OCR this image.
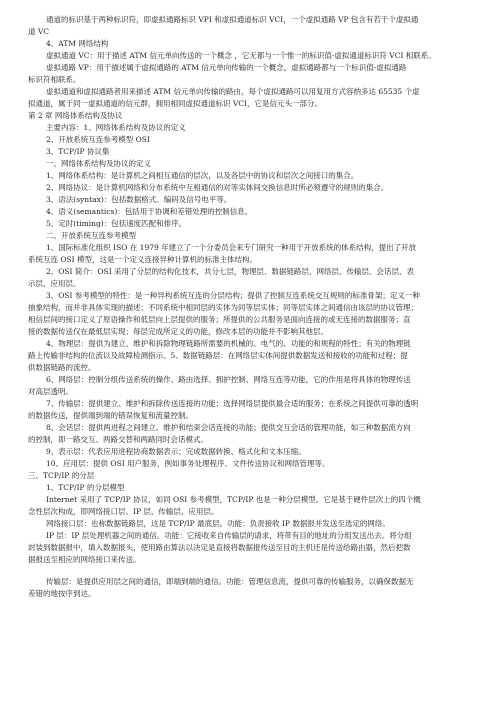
通道的标识基于两种标识符，即虚拟通路标识 VPI 和虚拟通道标识 VCI，一个虚拟通路 VP 包含有若干个虚拟通

道 VC

4、ATM 网络结构

虚拟通道 VC：用于描述 ATM 信元单向传送的一个概念 ，它无都与一个惟一的标识值-虚拟通道标识符 VCI 相联系。

虚拟通路 VP：用于描述属于虚拟通路的 ATM 信元单向传输的一个概念，虚拟通路都与一个标识值-虚拟通路

标识符相联系。

虚拟通道和虚拟通路者用来描述 ATM 信元单向传输的路由，每个虚拟通路可以用复用方式容纳多达 65535 个虚

拟通道，属于同一虚拟通道的信元群，拥用相同虚拟通道标识 VCI，它是信元头一部分。

第 2 章 网络体系结构及协议

主要内容：1、网络体系结构及协议的定义

2、开放系统互连参考模型 OSI

3、TCP/IP 协议集

一、网络体系结构及协议的定义

1、网络体系结构：是计算机之间相互通信的层次，以及各层中的协议和层次之间接口的集合。

2、网络协议：是计算机网络和分布系统中互相通信的对等实体间交换信息时所必须遵守的规则的集合。

3、语法(syntax)：包括数据格式、编码及信号电平等。

4、语义(semantics)：包括用于协调和差错处理的控制信息。

5、定时(timing)：包括速度匹配和排序。

二、开放系统互连参考模型

1、国际标准化组织 ISO 在 1979 年建立了一个分委员会来专门研究一种用于开放系统的体系结构，提出了开放

系统互连 OSI 模型，这是一个定义连接异种计算机的标准主体结构。

2、OSI 简介：OSI 采用了分层的结构化技术，共分七层，物理层、数据链路层、网络层、传输层、会话层、表

示层、应用层。

3、OSI 参考模型的特性：是一种异构系统互连的分层结构；提供了控制互连系统交互规则的标准骨架；定义一种

抽象结构，而并非具体实现的描述；不同系统中相同层的实体为同等层实体；同等层实体之间通信由该层的协议管理；

相信层间的接口定义了原语操作和低层向上层提供的服务；所提供的公共服务是面向连接的或无连接的数据服务；直

接的数据传送仅在最低层实现；每层完成所定义的功能，修改本层的功能并不影响其他层。

4、物理层：提供为建立、维护和拆除物理链路所需要的机械的、电气的、功能的和规程的特性；有关的物理链

路上传输非结构的位流以及故障检测指示。5、数据链路层：在网络层实体间提供数据发送和接收的功能和过程；提

供数据链路的流控。

6、网络层：控制分组传送系统的操作、路由选择、拥护控制、网络互连等功能，它的作用是将具体的物理传送

对高层透明。

7、传输层：提供建立、维护和拆除传送连接的功能；选择网络层提供最合适的服务；在系统之间提供可靠的透明

的数据传送，提供端到端的错误恢复和流量控制。

8、会话层：提供两进程之间建立、维护和结束会话连接的功能；提供交互会话的管理功能，如三种数据流方向

的控制，即一路交互、两路交替和两路同时会话模式。

9、表示层：代表应用进程协商数据表示；完成数据转换、格式化和文本压缩。

10、应用层：提供 OSI 用户服务，例如事务处理程序、文件传送协议和网络管理等。

三、TCP/IP 的分层

1、TCP/IP 的分层模型

Internet 采用了 TCP/IP 协议，如同 OSI 参考模型，TCP/IP 也是一种分层模型。它是基于硬件层次上的四个概

念性层次构成，即网络接口层、IP 层、传输层、应用层。

网络接口层：也称数据链路层，这是 TCP/IP 最底层。功能：负责接收 IP 数据报并发送至选定的网络。

IP 层：IP 层处理机器之间的通信。功能：它接收来自传输层的请求，将带有目的地址的分组发送出去。将分组

封装到数据报中，填入数据报头，使用路由算法以决定是直接将数据报传送至目的主机还是传送给路由器，然后把数

据报送至相应的网络接口来传送。

传输层：是提供应用层之间的通信，即端到端的通信。功能：管理信息流，提供可靠的传输服务，以确保数据无

差错的地按序到达。
